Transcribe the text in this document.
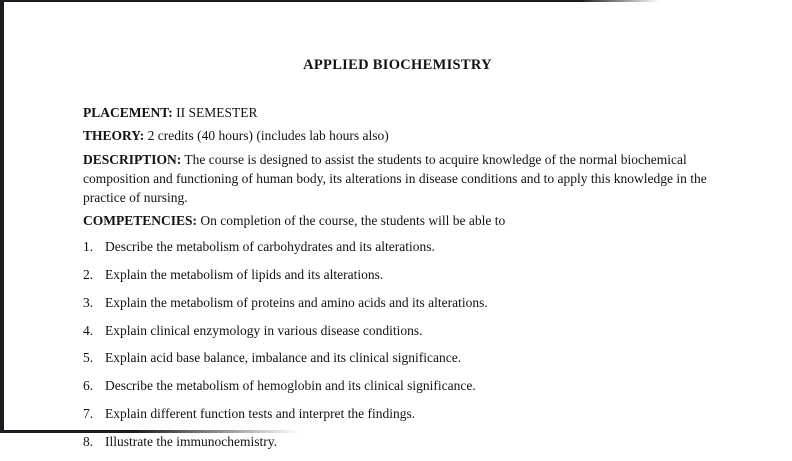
APPLIED BIOCHEMISTRY

PLACEMENT: II SEMESTER

THEORY: 2 credits (40 hours) (includes lab hours also)

DESCRIPTION: The course is designed to assist the students to acquire knowledge of the normal biochemical composition and functioning of human body, its alterations in disease conditions and to apply this knowledge in the practice of nursing.

COMPETENCIES: On completion of the course, the students will be able to

1. Describe the metabolism of carbohydrates and its alterations.
2. Explain the metabolism of lipids and its alterations.
3. Explain the metabolism of proteins and amino acids and its alterations.
4. Explain clinical enzymology in various disease conditions.
5. Explain acid base balance, imbalance and its clinical significance.
6. Describe the metabolism of hemoglobin and its clinical significance.
7. Explain different function tests and interpret the findings.
8. Illustrate the immunochemistry.
